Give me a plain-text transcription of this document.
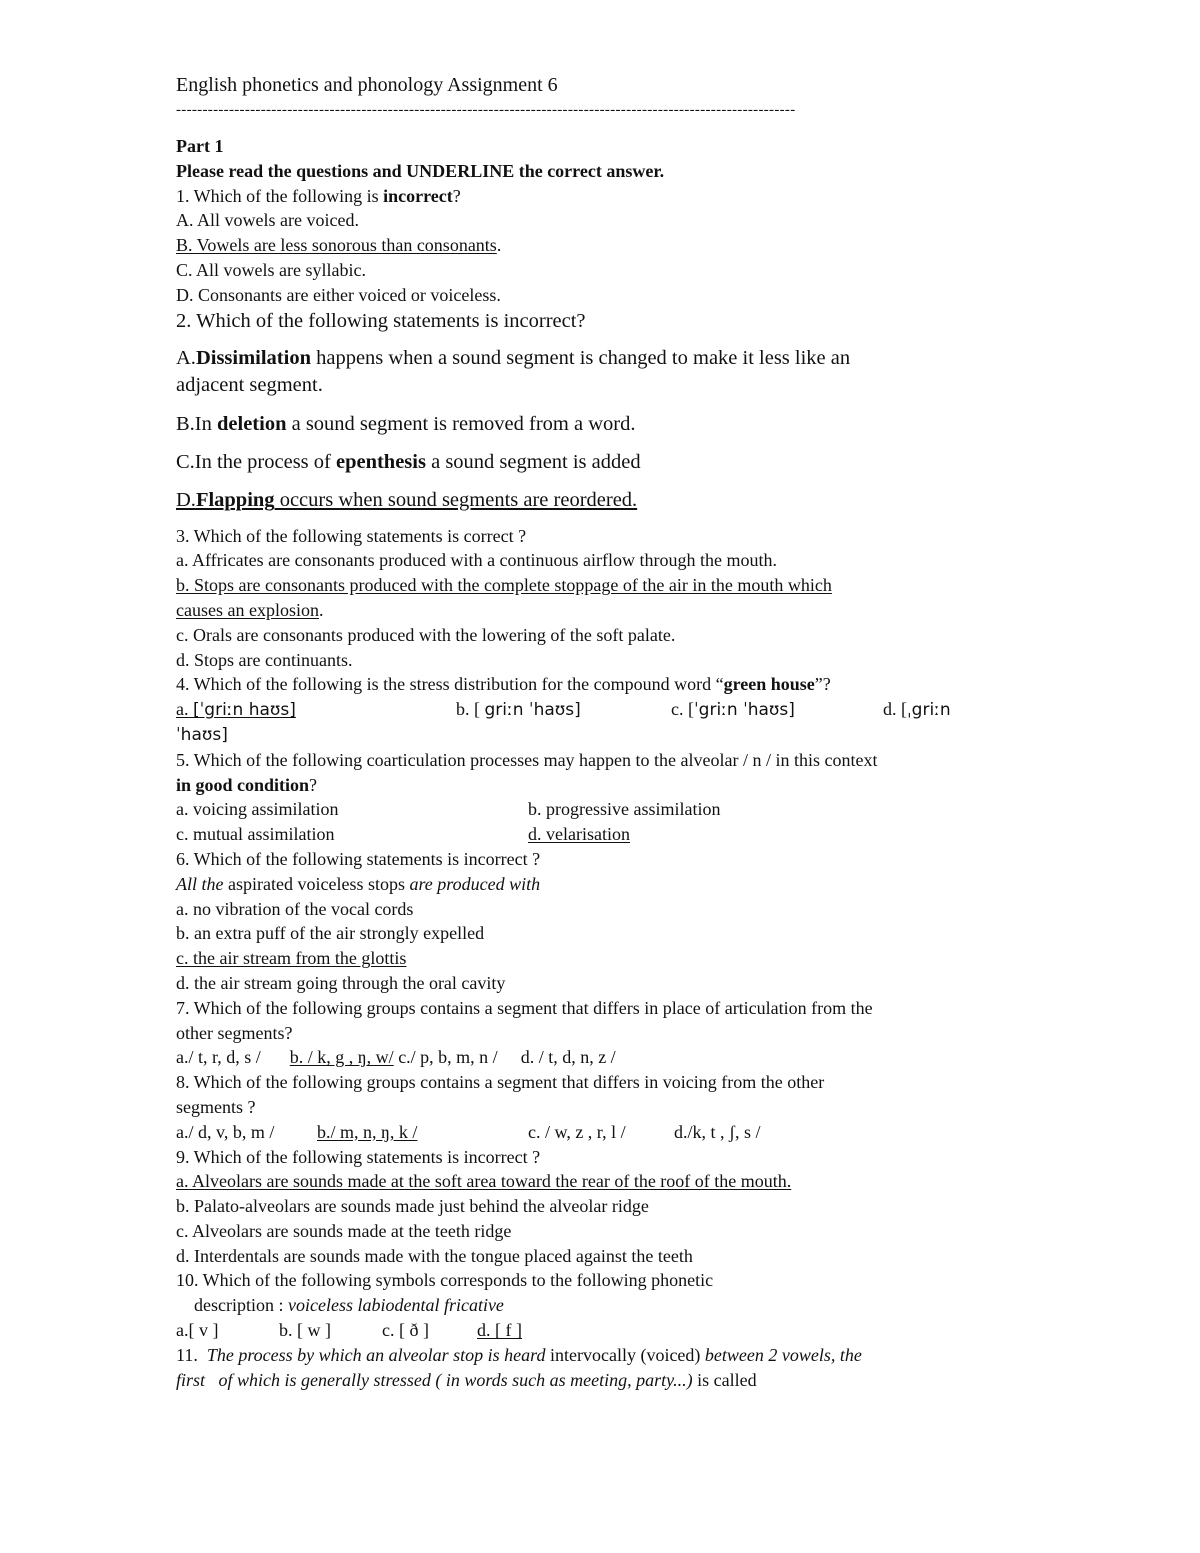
English phonetics and phonology Assignment 6
---------------------------------------------------------------------------------------------------------------------
Part 1
Please read the questions and UNDERLINE the correct answer.
1. Which of the following is incorrect?
A. All vowels are voiced.
B. Vowels are less sonorous than consonants.
C. All vowels are syllabic.
D. Consonants are either voiced or voiceless.
2. Which of the following statements is incorrect?
A.Dissimilation happens when a sound segment is changed to make it less like an
adjacent segment.
B.In deletion a sound segment is removed from a word.
C.In the process of epenthesis a sound segment is added
D.Flapping occurs when sound segments are reordered.
3. Which of the following statements is correct ?
a. Affricates are consonants produced with a continuous airflow through the mouth.
b. Stops are consonants produced with the complete stoppage of the air in the mouth which
causes an explosion.
c. Orals are consonants produced with the lowering of the soft palate.
d. Stops are continuants.
4. Which of the following is the stress distribution for the compound word “green house”?
a. [ˈgriːn haʊs]	b. [ griːn ˈhaʊs]	c. [ˈgriːn ˈhaʊs]	d. [ˌgriːn
ˈhaʊs]
5. Which of the following coarticulation processes may happen to the alveolar / n / in this context
in good condition?
a. voicing assimilation	b. progressive assimilation
c. mutual assimilation	d. velarisation
6. Which of the following statements is incorrect ?
All the aspirated voiceless stops are produced with
a. no vibration of the vocal cords
b. an extra puff of the air strongly expelled
c. the air stream from the glottis
d. the air stream going through the oral cavity
7. Which of the following groups contains a segment that differs in place of articulation from the
other segments?
a./ t, r, d, s / b. / k, g , ŋ, w/ c./ p, b, m, n / d. / t, d, n, z /
8. Which of the following groups contains a segment that differs in voicing from the other
segments ?
a./ d, v, b, m /	b./ m, n, ŋ, k /	c. / w, z , r, l /	d./k, t , ʃ, s /
9. Which of the following statements is incorrect ?
a. Alveolars are sounds made at the soft area toward the rear of the roof of the mouth.
b. Palato-alveolars are sounds made just behind the alveolar ridge
c. Alveolars are sounds made at the teeth ridge
d. Interdentals are sounds made with the tongue placed against the teeth
10. Which of the following symbols corresponds to the following phonetic
description : voiceless labiodental fricative
a.[ v ]	b. [ w ]	c. [ ð ]	d. [ f ]
11.  The process by which an alveolar stop is heard intervocally (voiced) between 2 vowels, the
first   of which is generally stressed ( in words such as meeting, party...) is called
